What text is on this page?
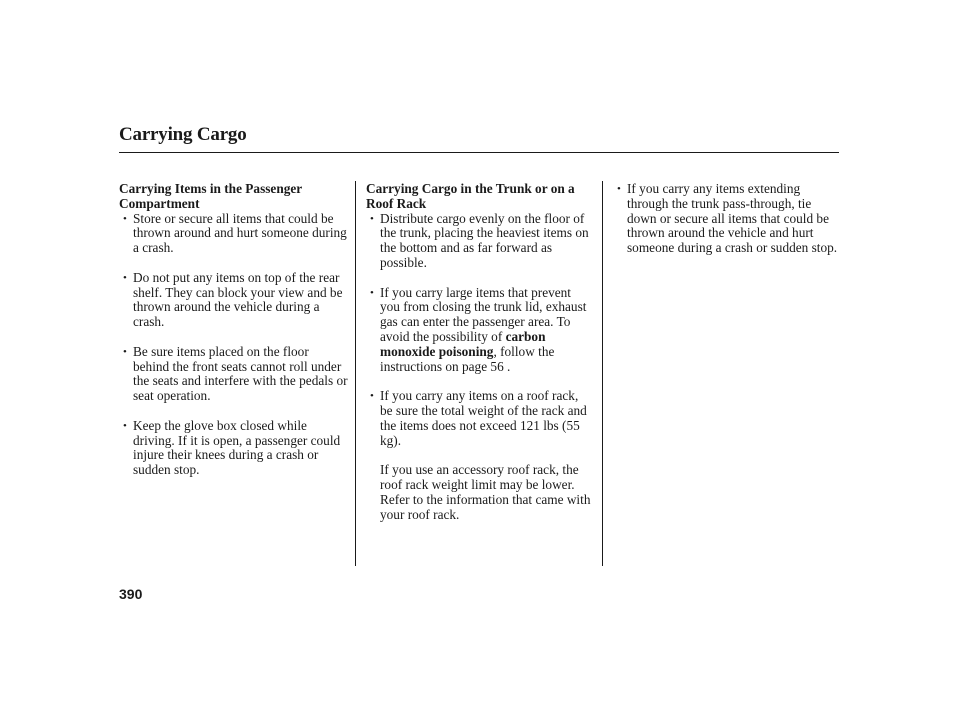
Carrying Cargo

Carrying Items in the Passenger Compartment

• Store or secure all items that could be thrown around and hurt someone during a crash.
• Do not put any items on top of the rear shelf. They can block your view and be thrown around the vehicle during a crash.
• Be sure items placed on the floor behind the front seats cannot roll under the seats and interfere with the pedals or seat operation.
• Keep the glove box closed while driving. If it is open, a passenger could injure their knees during a crash or sudden stop.

Carrying Cargo in the Trunk or on a Roof Rack

• Distribute cargo evenly on the floor of the trunk, placing the heaviest items on the bottom and as far forward as possible.
• If you carry large items that prevent you from closing the trunk lid, exhaust gas can enter the passenger area. To avoid the possibility of carbon monoxide poisoning, follow the instructions on page 56 .
• If you carry any items on a roof rack, be sure the total weight of the rack and the items does not exceed 121 lbs (55 kg).

If you use an accessory roof rack, the roof rack weight limit may be lower. Refer to the information that came with your roof rack.

• If you carry any items extending through the trunk pass-through, tie down or secure all items that could be thrown around the vehicle and hurt someone during a crash or sudden stop.
390
